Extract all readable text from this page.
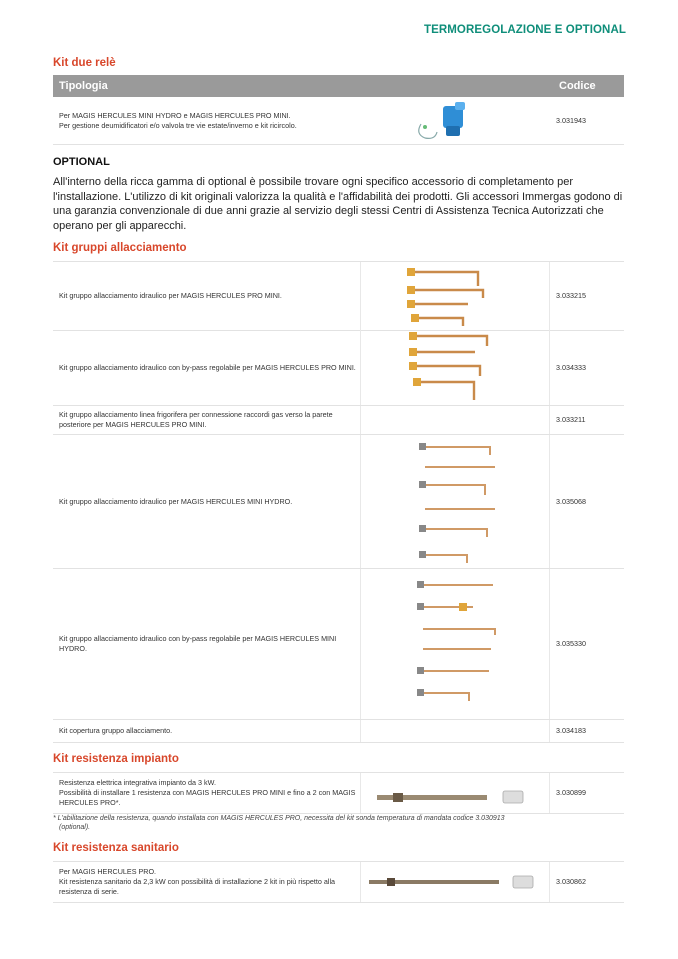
TERMOREGOLAZIONE E OPTIONAL
Kit due relè
Tipologia	Codice
Per MAGIS HERCULES MINI HYDRO e MAGIS HERCULES PRO MINI.
Per gestione deumidificatori e/o valvola tre vie estate/inverno e kit ricircolo.
3.031943
OPTIONAL
All'interno della ricca gamma di optional è possibile trovare ogni specifico accessorio di completamento per l'installazione. L'utilizzo di kit originali valorizza la qualità e l'affidabilità dei prodotti. Gli accessori Immergas godono di una garanzia convenzionale di due anni grazie al servizio degli stessi Centri di Assistenza Tecnica Autorizzati che operano per gli apparecchi.
Kit gruppi allacciamento
Kit gruppo allacciamento idraulico per MAGIS HERCULES PRO MINI.	3.033215
Kit gruppo allacciamento idraulico con by-pass regolabile per MAGIS HERCULES PRO MINI.	3.034333
Kit gruppo allacciamento linea frigorifera per connessione raccordi gas verso la parete posteriore per MAGIS HERCULES PRO MINI.
3.033211
Kit gruppo allacciamento idraulico per MAGIS HERCULES MINI HYDRO.	3.035068
Kit gruppo allacciamento idraulico con by-pass regolabile per MAGIS HERCULES MINI HYDRO.
3.035330
Kit copertura gruppo allacciamento.	3.034183
Kit resistenza impianto
Resistenza elettrica integrativa impianto da 3 kW.
Possibilità di installare 1 resistenza con MAGIS HERCULES PRO MINI e fino a 2 con MAGIS HERCULES PRO*.
3.030899
* L'abilitazione della resistenza, quando installata con MAGIS HERCULES PRO, necessita del kit sonda temperatura di mandata codice 3.030913
(optional).
Kit resistenza sanitario
Per MAGIS HERCULES PRO.
Kit resistenza sanitario da 2,3 kW con possibilità di installazione 2 kit in più rispetto alla resistenza di serie.
3.030862
